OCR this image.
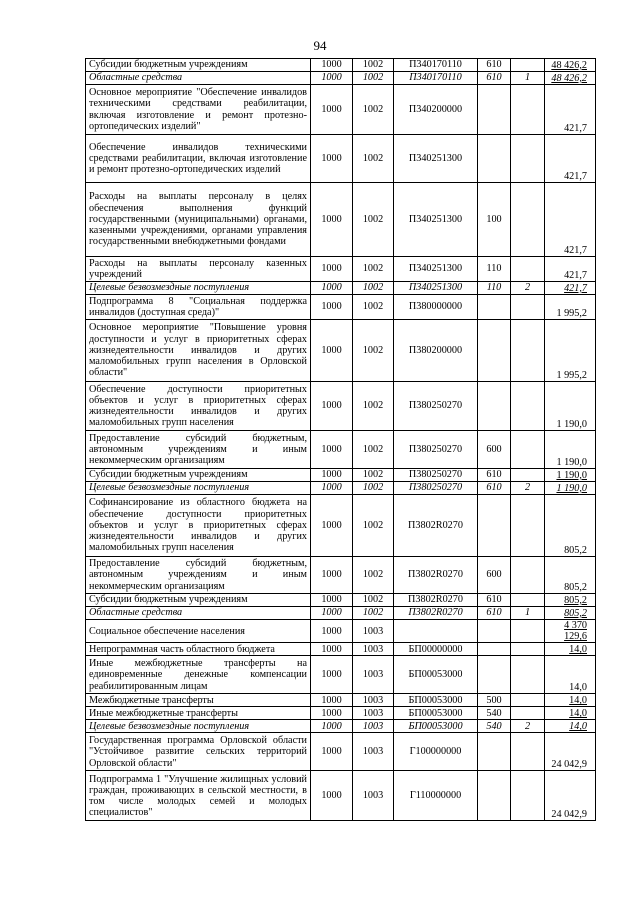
94
Субсидии бюджетным учреждениям	1000	1002	П340170110	610		48 426,2
Областные средства	1000	1002	П340170110	610	1	48 426,2
Основное мероприятие "Обеспечение инвалидов техническими средствами реабилитации, включая изготовление и ремонт протезно-ортопедических изделий"	1000	1002	П340200000			421,7
Обеспечение инвалидов техническими средствами реабилитации, включая изготовление и ремонт протезно-ортопедических изделий	1000	1002	П340251300			421,7
Расходы на выплаты персоналу в целях обеспечения выполнения функций государственными (муниципальными) органами, казенными учреждениями, органами управления государственными внебюджетными фондами	1000	1002	П340251300	100		421,7
Расходы на выплаты персоналу казенных учреждений	1000	1002	П340251300	110		421,7
Целевые безвозмездные поступления	1000	1002	П340251300	110	2	421,7
Подпрограмма 8 "Социальная поддержка инвалидов (доступная среда)"	1000	1002	П380000000			1 995,2
Основное мероприятие "Повышение уровня доступности и услуг в приоритетных сферах жизнедеятельности инвалидов и других маломобильных групп населения в Орловской области"	1000	1002	П380200000			1 995,2
Обеспечение доступности приоритетных объектов и услуг в приоритетных сферах жизнедеятельности инвалидов и других маломобильных групп населения	1000	1002	П380250270			1 190,0
Предоставление субсидий бюджетным, автономным учреждениям и иным некоммерческим организациям	1000	1002	П380250270	600		1 190,0
Субсидии бюджетным учреждениям	1000	1002	П380250270	610		1 190,0
Целевые безвозмездные поступления	1000	1002	П380250270	610	2	1 190,0
Софинансирование из областного бюджета на обеспечение доступности приоритетных объектов и услуг в приоритетных сферах жизнедеятельности инвалидов и других маломобильных групп населения	1000	1002	П3802R0270			805,2
Предоставление субсидий бюджетным, автономным учреждениям и иным некоммерческим организациям	1000	1002	П3802R0270	600		805,2
Субсидии бюджетным учреждениям	1000	1002	П3802R0270	610		805,2
Областные средства	1000	1002	П3802R0270	610	1	805,2
Социальное обеспечение населения	1000	1003				4 370 129,6
Непрограммная часть областного бюджета	1000	1003	БП00000000			14,0
Иные межбюджетные трансферты на единовременные денежные компенсации реабилитированным лицам	1000	1003	БП00053000			14,0
Межбюджетные трансферты	1000	1003	БП00053000	500		14,0
Иные межбюджетные трансферты	1000	1003	БП00053000	540		14,0
Целевые безвозмездные поступления	1000	1003	БП00053000	540	2	14,0
Государственная программа Орловской области "Устойчивое развитие сельских территорий Орловской области"	1000	1003	Г100000000			24 042,9
Подпрограмма 1 "Улучшение жилищных условий граждан, проживающих в сельской местности, в том числе молодых семей и молодых специалистов"	1000	1003	Г110000000			24 042,9
